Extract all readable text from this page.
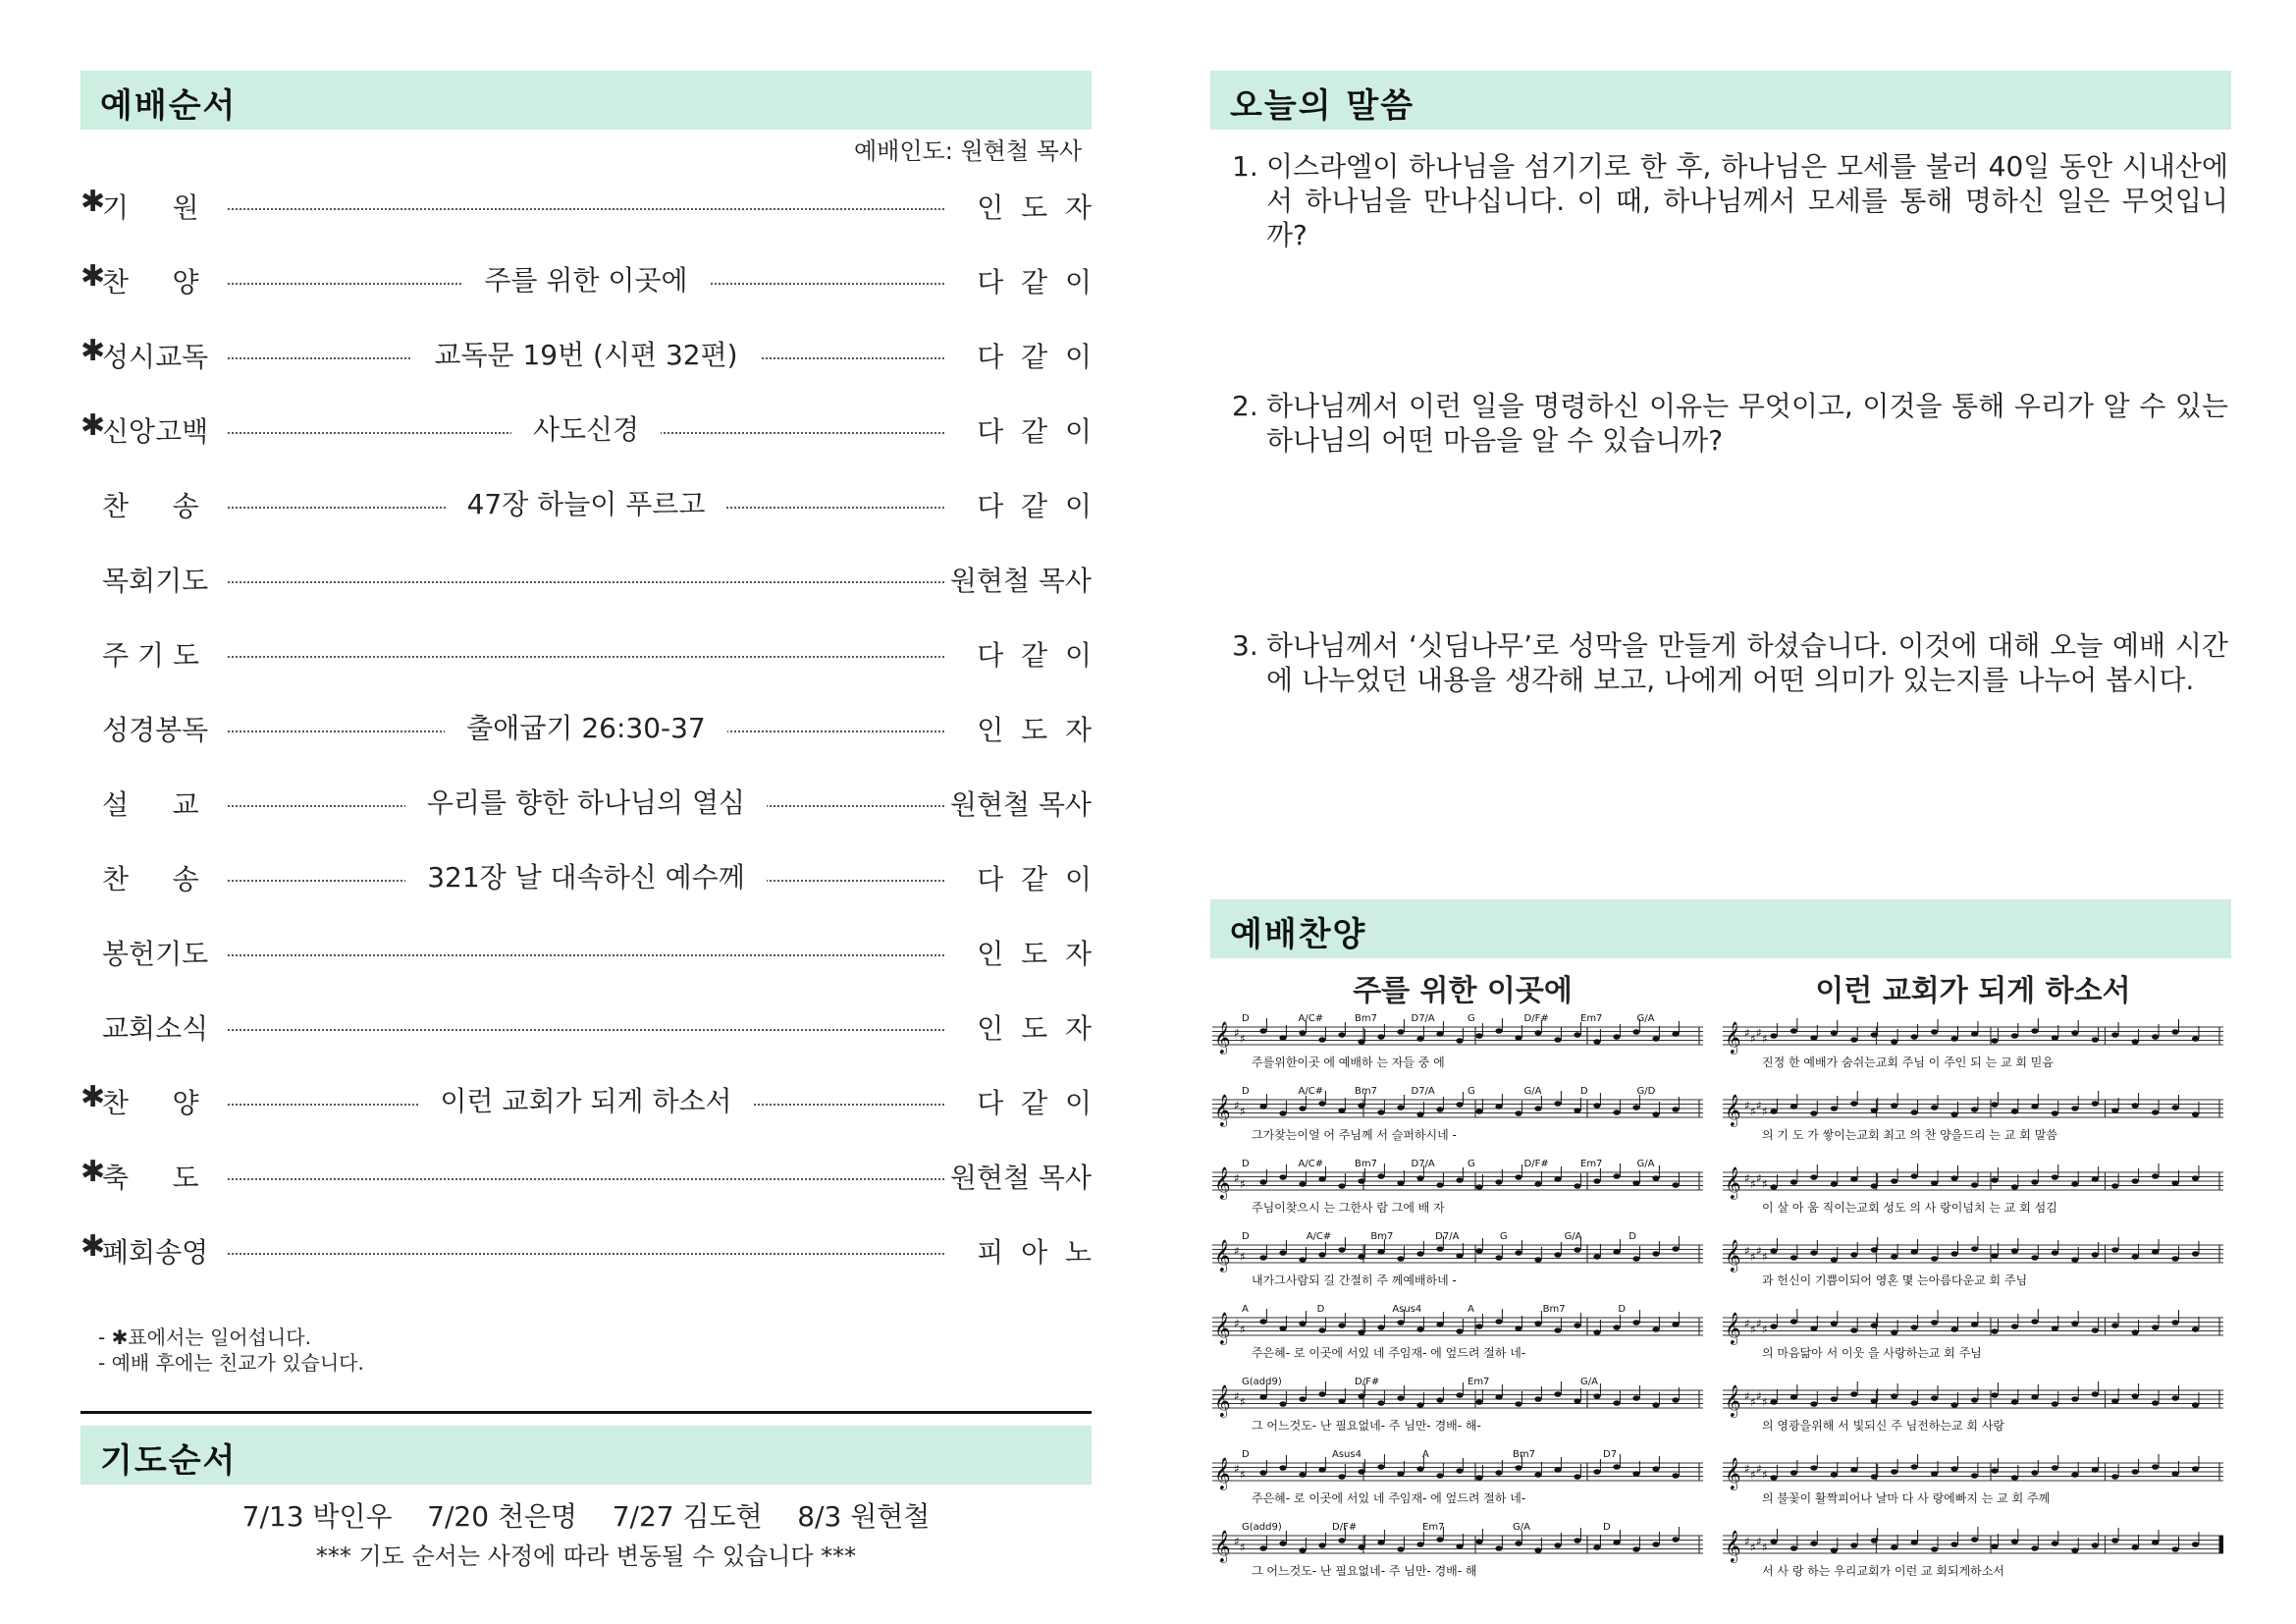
예배순서
예배인도: 원현철 목사
✱
기     원	인  도  자
✱
찬     양	주를 위한 이곳에	다  같  이
✱
성시교독	교독문 19번 (시편 32편)	다  같  이
✱
신앙고백	사도신경	다  같  이
찬     송	47장 하늘이 푸르고	다  같  이
목회기도	원현철 목사
주 기 도	다  같  이
성경봉독	출애굽기 26:30-37	인  도  자
설     교	우리를 향한 하나님의 열심	원현철 목사
찬     송	321장 날 대속하신 예수께	다  같  이
봉헌기도	인  도  자
교회소식	인  도  자
✱
찬     양	이런 교회가 되게 하소서	다  같  이
✱
축     도	원현철 목사
✱
폐회송영	피  아  노
- ✱표에서는 일어섭니다.
- 예배 후에는 친교가 있습니다.
기도순서
7/13 박인우    7/20 천은명    7/27 김도현    8/3 원현철
*** 기도 순서는 사정에 따라 변동될 수 있습니다 ***
오늘의 말씀
1. 이스라엘이 하나님을 섬기기로 한 후, 하나님은 모세를 불러 40일 동안 시내산에서 하나님을 만나십니다. 이 때, 하나님께서 모세를 통해 명하신 일은 무엇입니까?
2. 하나님께서 이런 일을 명령하신 이유는 무엇이고, 이것을 통해 우리가 알 수 있는 하나님의 어떤 마음을 알 수 있습니까?
3. 하나님께서 ‘싯딤나무’로 성막을 만들게 하셨습니다. 이것에 대해 오늘 예배 시간에 나누었던 내용을 생각해 보고, 나에게 어떤 의미가 있는지를 나누어 봅시다.
예배찬양
주를 위한 이곳에	이런 교회가 되게 하소서
𝄞 ♯ ♯
D	A/C#	Bm7	D7/A	G	D/F#	Em7	G/A
주를위한이곳 에 예배하 는 자들 중 에
𝄞 ♯ ♯
D	A/C#	Bm7	D7/A	G	G/A	D	G/D
그가찾는이얼 어 주님께 서 슬퍼하시네 -
𝄞 ♯ ♯
D	A/C#	Bm7	D7/A	G	D/F#	Em7	G/A
주님이찾으시 는 그한사 람 그에 배 자
𝄞 ♯ ♯
D	A/C#	Bm7	D7/A	G	G/A	D
내가그사람되 길 간절히 주 께예배하네 -
𝄞 ♯ ♯
A	D	Asus4	A	Bm7	D
주은혜- 로 이곳에 서있 네 주임재- 에 엎드려 절하 네-
𝄞 ♯ ♯
G(add9)	D/F#	Em7	G/A
그 어느것도- 난 필요없네- 주 님만- 경배- 해-
𝄞 ♯ ♯
D	Asus4	A	Bm7	D7
주은혜- 로 이곳에 서있 네 주임재- 에 엎드려 절하 네-
𝄞 ♯ ♯
G(add9)	D/F#	Em7	G/A	D
그 어느것도- 난 필요없네- 주 님만- 경배- 해
𝄞 ♯ ♯ ♯ ♯
진정 한 예배가 숨쉬는교회 주님 이 주인 되 는 교 회 믿음
𝄞 ♯ ♯ ♯ ♯
의 기 도 가 쌓이는교회 최고 의 찬 양을드리 는 교 회 말씀
𝄞 ♯ ♯ ♯ ♯
이 살 아 움 직이는교회 성도 의 사 랑이넘치 는 교 회 섬김
𝄞 ♯ ♯ ♯ ♯
과 헌신이 기쁨이되어 영혼 몇 는아름다운교 회 주님
𝄞 ♯ ♯ ♯ ♯
의 마음닮아 서 이웃 을 사랑하는교 회 주님
𝄞 ♯ ♯ ♯ ♯
의 영광을위해 서 빛되신 주 님전하는교 회 사랑
𝄞 ♯ ♯ ♯ ♯
의 불꽃이 활짝피어나 날마 다 사 랑에빠지 는 교 회 주께
𝄞 ♯ ♯ ♯ ♯
서 사 랑 하는 우리교회가 이런 교 회되게하소서
